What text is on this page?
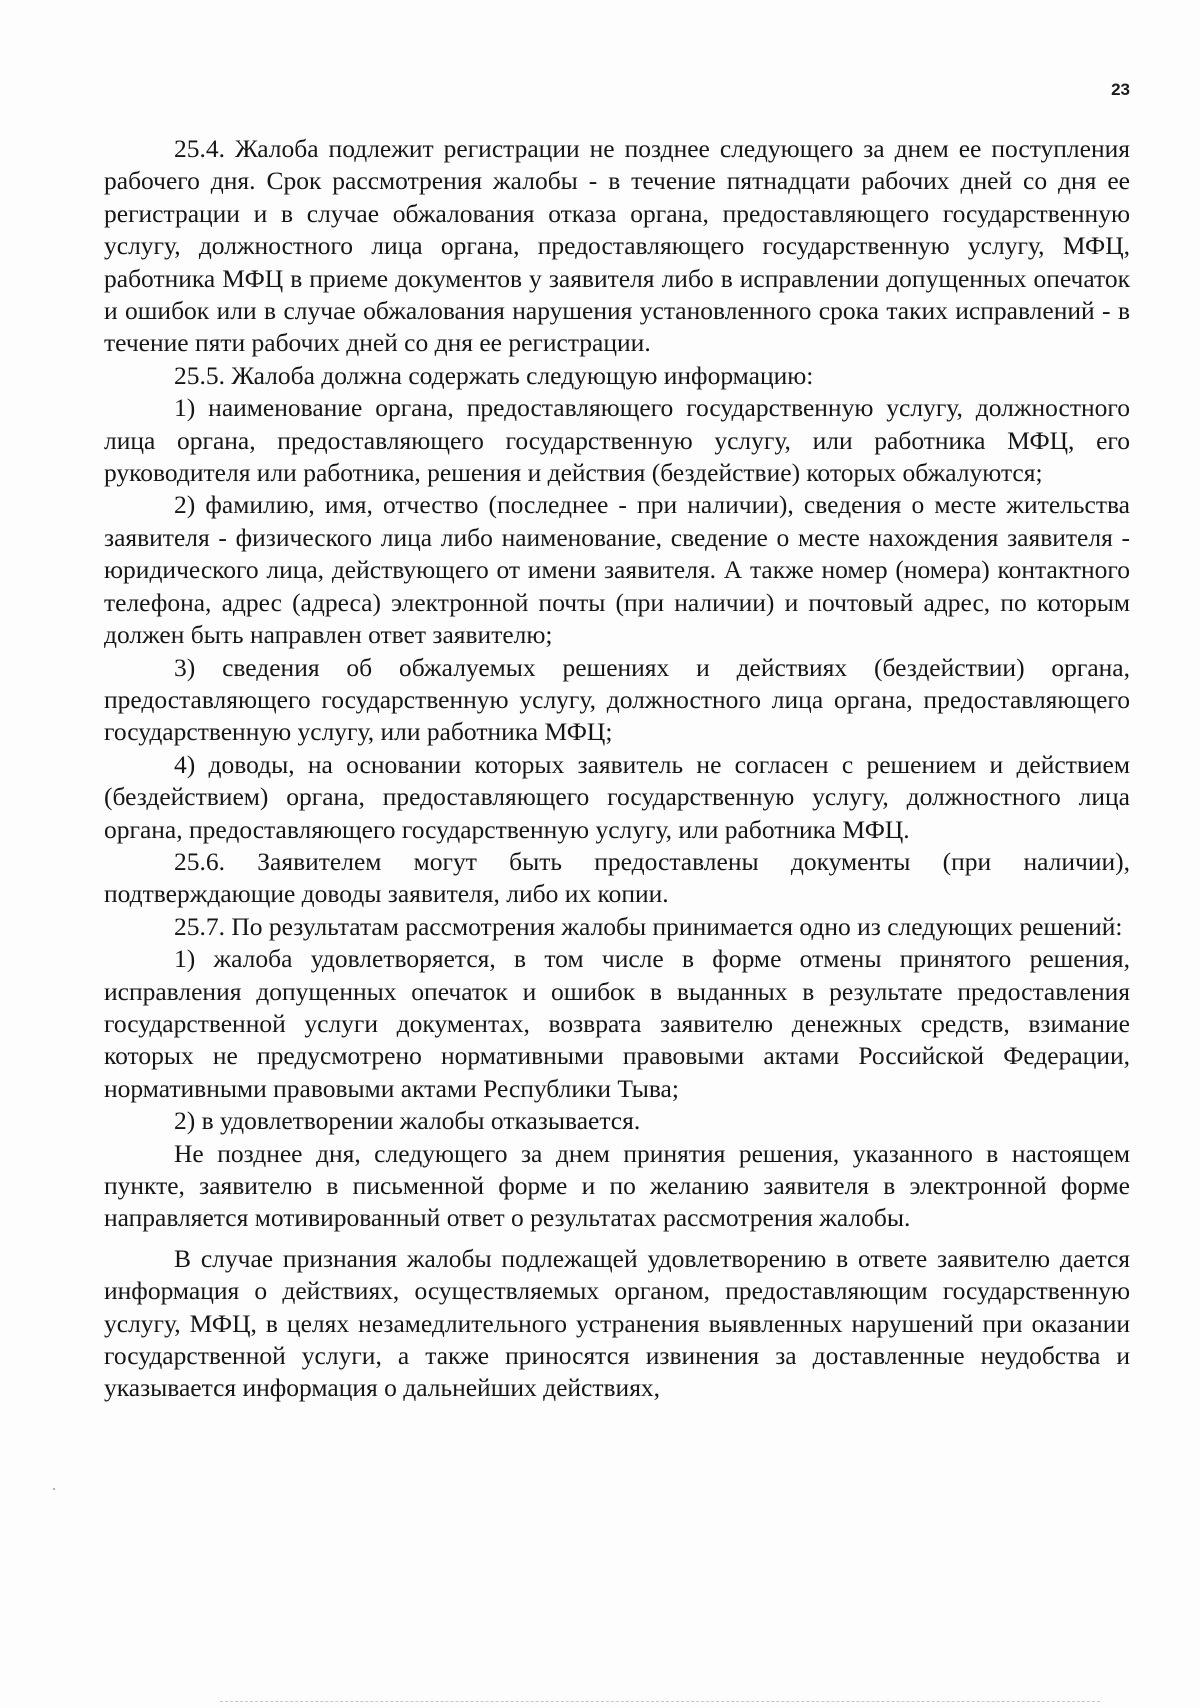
23

25.4. Жалоба подлежит регистрации не позднее следующего за днем ее поступления рабочего дня. Срок рассмотрения жалобы - в течение пятнадцати рабочих дней со дня ее регистрации и в случае обжалования отказа органа, предоставляющего государственную услугу, должностного лица органа, предоставляющего государственную услугу, МФЦ, работника МФЦ в приеме документов у заявителя либо в исправлении допущенных опечаток и ошибок или в случае обжалования нарушения установленного срока таких исправлений - в течение пяти рабочих дней со дня ее регистрации.

25.5. Жалоба должна содержать следующую информацию:

1) наименование органа, предоставляющего государственную услугу, должностного лица органа, предоставляющего государственную услугу, или работника МФЦ, его руководителя или работника, решения и действия (бездействие) которых обжалуются;

2) фамилию, имя, отчество (последнее - при наличии), сведения о месте жительства заявителя - физического лица либо наименование, сведение о месте нахождения заявителя - юридического лица, действующего от имени заявителя. А также номер (номера) контактного телефона, адрес (адреса) электронной почты (при наличии) и почтовый адрес, по которым должен быть направлен ответ заявителю;

3) сведения об обжалуемых решениях и действиях (бездействии) органа, предоставляющего государственную услугу, должностного лица органа, предоставляющего государственную услугу, или работника МФЦ;

4) доводы, на основании которых заявитель не согласен с решением и действием (бездействием) органа, предоставляющего государственную услугу, должностного лица органа, предоставляющего государственную услугу, или работника МФЦ.

25.6. Заявителем могут быть предоставлены документы (при наличии), подтверждающие доводы заявителя, либо их копии.

25.7. По результатам рассмотрения жалобы принимается одно из следующих решений:

1) жалоба удовлетворяется, в том числе в форме отмены принятого решения, исправления допущенных опечаток и ошибок в выданных в результате предоставления государственной услуги документах, возврата заявителю денежных средств, взимание которых не предусмотрено нормативными правовыми актами Российской Федерации, нормативными правовыми актами Республики Тыва;

2) в удовлетворении жалобы отказывается.

Не позднее дня, следующего за днем принятия решения, указанного в настоящем пункте, заявителю в письменной форме и по желанию заявителя в электронной форме направляется мотивированный ответ о результатах рассмотрения жалобы.

В случае признания жалобы подлежащей удовлетворению в ответе заявителю дается информация о действиях, осуществляемых органом, предоставляющим государственную услугу, МФЦ, в целях незамедлительного устранения выявленных нарушений при оказании государственной услуги, а также приносятся извинения за доставленные неудобства и указывается информация о дальнейших действиях,
